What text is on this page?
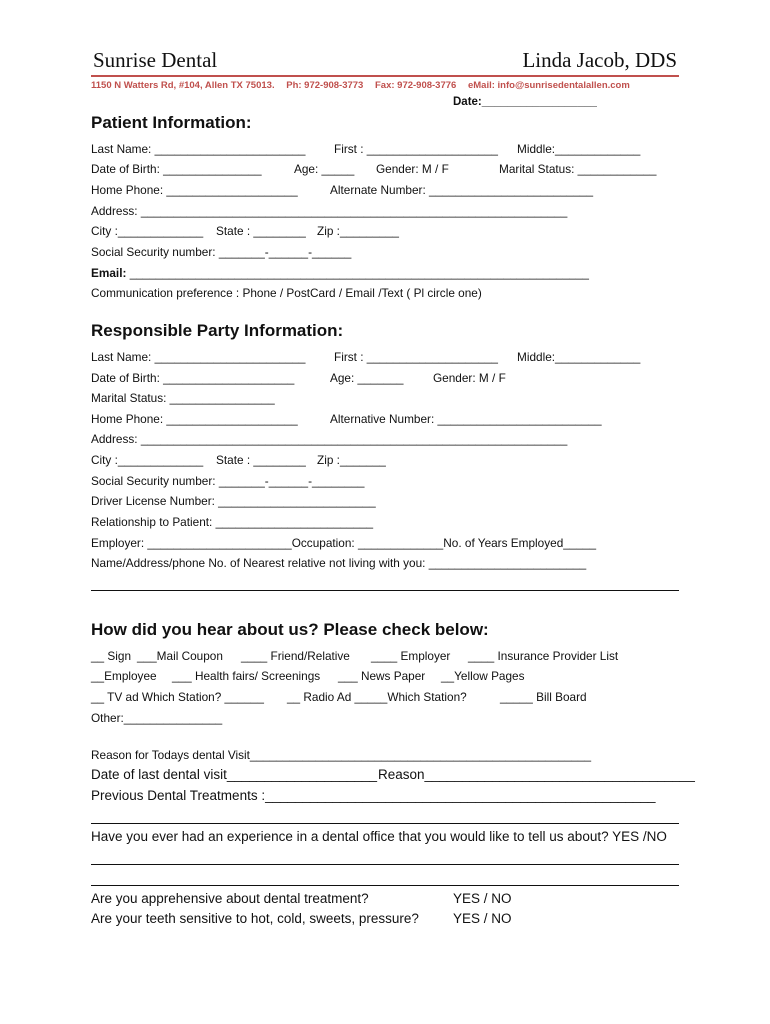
Sunrise Dental	Linda Jacob, DDS
1150 N Watters Rd, #104, Allen TX 75013. Ph: 972-908-3773 Fax: 972-908-3776 eMail: info@sunrisedentalallen.com
Date:__________________
Patient Information:
Last Name: _______________________ First : ____________________ Middle:_____________
Date of Birth: _______________	Age: _____ Gender: M / F	Marital Status: ____________
Home Phone: ____________________	Alternate Number: _________________________
Address: _________________________________________________________________
City :_____________ State : ________ Zip :_________
Social Security number: _______-______-______
Email: ______________________________________________________________________
Communication preference : Phone / PostCard / Email /Text ( Pl circle one)
Responsible Party Information:
Last Name: _______________________ First : ____________________ Middle:_____________
Date of Birth: ____________________	Age: _______	Gender: M / F
Marital Status: ________________
Home Phone: ____________________	Alternative Number: _________________________
Address: _________________________________________________________________
City :_____________ State : ________ Zip :_______
Social Security number: _______-______-________
Driver License Number: ________________________
Relationship to Patient: ________________________
Employer: ______________________Occupation: _____________No. of Years Employed_____
Name/Address/phone No. of Nearest relative not living with you: ________________________
How did you hear about us? Please check below:
__ Sign ___Mail Coupon ____ Friend/Relative ____ Employer ____ Insurance Provider List
__Employee ___ Health fairs/ Screenings ___ News Paper __Yellow Pages
__ TV ad Which Station? ______ __ Radio Ad _____Which Station?	_____ Bill Board
Other:_______________
Reason for Todays dental Visit____________________________________________________
Date of last dental visit____________________ Reason____________________________________
Previous Dental Treatments :____________________________________________________
Have you ever had an experience in a dental office that you would like to tell us about? YES /NO
Are you apprehensive about dental treatment?	YES / NO
Are your teeth sensitive to hot, cold, sweets, pressure?	YES / NO
